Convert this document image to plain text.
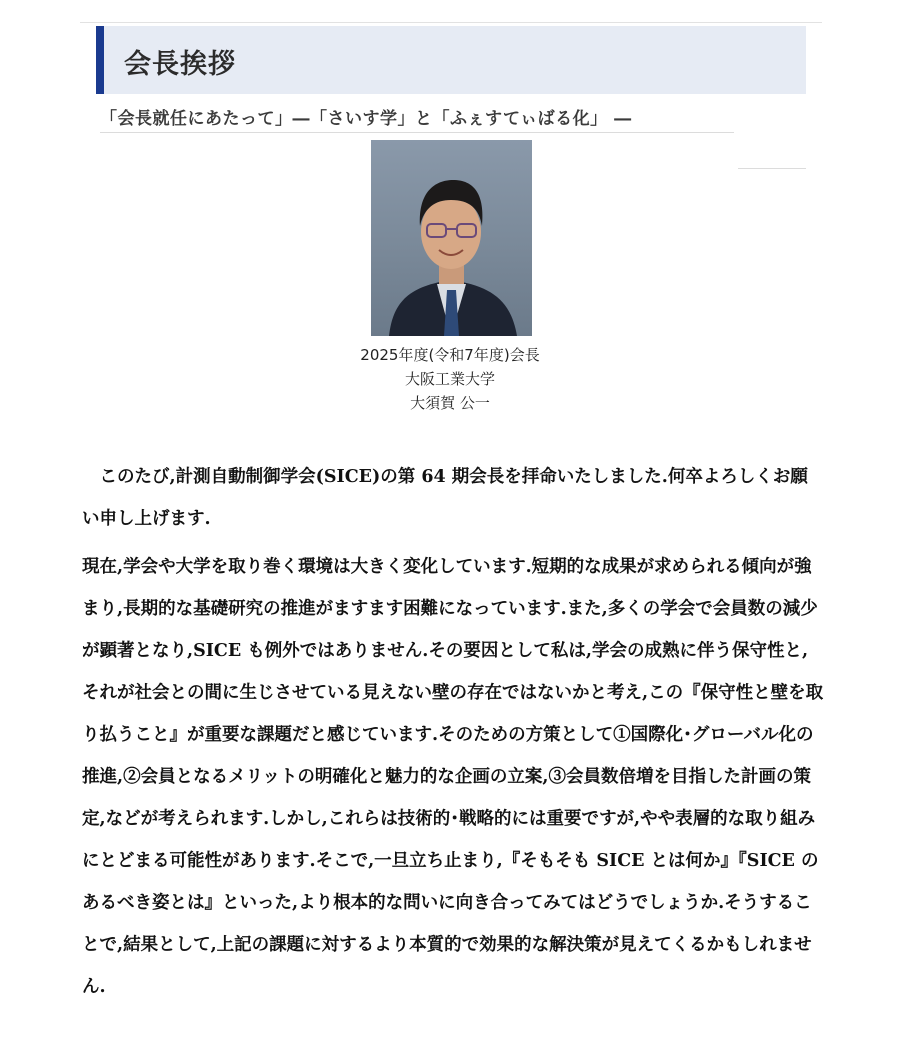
会長挨拶
「会長就任にあたって」―「さいす学」と「ふぇすてぃばる化」 ―
2025年度(令和7年度)会長
大阪工業大学
大須賀 公一

このたび,計測自動制御学会(SICE)の第 64 期会長を拝命いたしました.何卒よろしくお願い申し上げます.

現在,学会や大学を取り巻く環境は大きく変化しています.短期的な成果が求められる傾向が強まり,長期的な基礎研究の推進がますます困難になっています.また,多くの学会で会員数の減少が顕著となり,SICE も例外ではありません.その要因として私は,学会の成熟に伴う保守性と,それが社会との間に生じさせている見えない壁の存在ではないかと考え,この『保守性と壁を取り払うこと』が重要な課題だと感じています.そのための方策として①国際化･グローバル化の推進,②会員となるメリットの明確化と魅力的な企画の立案,③会員数倍増を目指した計画の策定,などが考えられます.しかし,これらは技術的･戦略的には重要ですが,やや表層的な取り組みにとどまる可能性があります.そこで,一旦立ち止まり,『そもそも SICE とは何か』『SICE のあるべき姿とは』といった,より根本的な問いに向き合ってみてはどうでしょうか.そうすることで,結果として,上記の課題に対するより本質的で効果的な解決策が見えてくるかもしれません.
